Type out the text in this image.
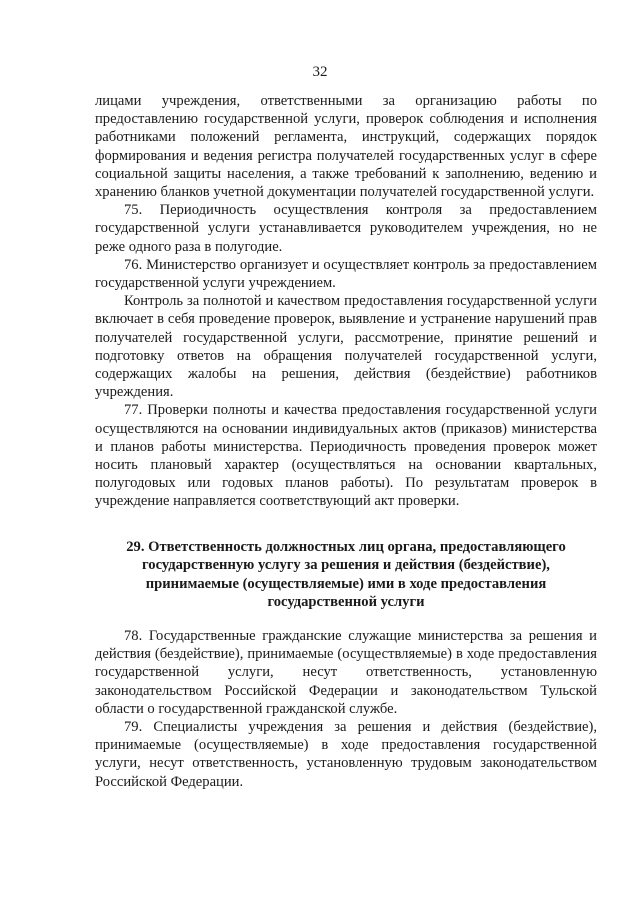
32

лицами учреждения, ответственными за организацию работы по предоставлению государственной услуги, проверок соблюдения и исполнения работниками положений регламента, инструкций, содержащих порядок формирования и ведения регистра получателей государственных услуг в сфере социальной защиты населения, а также требований к заполнению, ведению и хранению бланков учетной документации получателей государственной услуги.

75. Периодичность осуществления контроля за предоставлением государственной услуги устанавливается руководителем учреждения, но не реже одного раза в полугодие.

76. Министерство организует и осуществляет контроль за предоставлением государственной услуги учреждением.

Контроль за полнотой и качеством предоставления государственной услуги включает в себя проведение проверок, выявление и устранение нарушений прав получателей государственной услуги, рассмотрение, принятие решений и подготовку ответов на обращения получателей государственной услуги, содержащих жалобы на решения, действия (бездействие) работников учреждения.

77. Проверки полноты и качества предоставления государственной услуги осуществляются на основании индивидуальных актов (приказов) министерства и планов работы министерства. Периодичность проведения проверок может носить плановый характер (осуществляться на основании квартальных, полугодовых или годовых планов работы). По результатам проверок в учреждение направляется соответствующий акт проверки.

29. Ответственность должностных лиц органа, предоставляющего государственную услугу за решения и действия (бездействие), принимаемые (осуществляемые) ими в ходе предоставления государственной услуги

78. Государственные гражданские служащие министерства за решения и действия (бездействие), принимаемые (осуществляемые) в ходе предоставления государственной услуги, несут ответственность, установленную законодательством Российской Федерации и законодательством Тульской области о государственной гражданской службе.

79. Специалисты учреждения за решения и действия (бездействие), принимаемые (осуществляемые) в ходе предоставления государственной услуги, несут ответственность, установленную трудовым законодательством Российской Федерации.
